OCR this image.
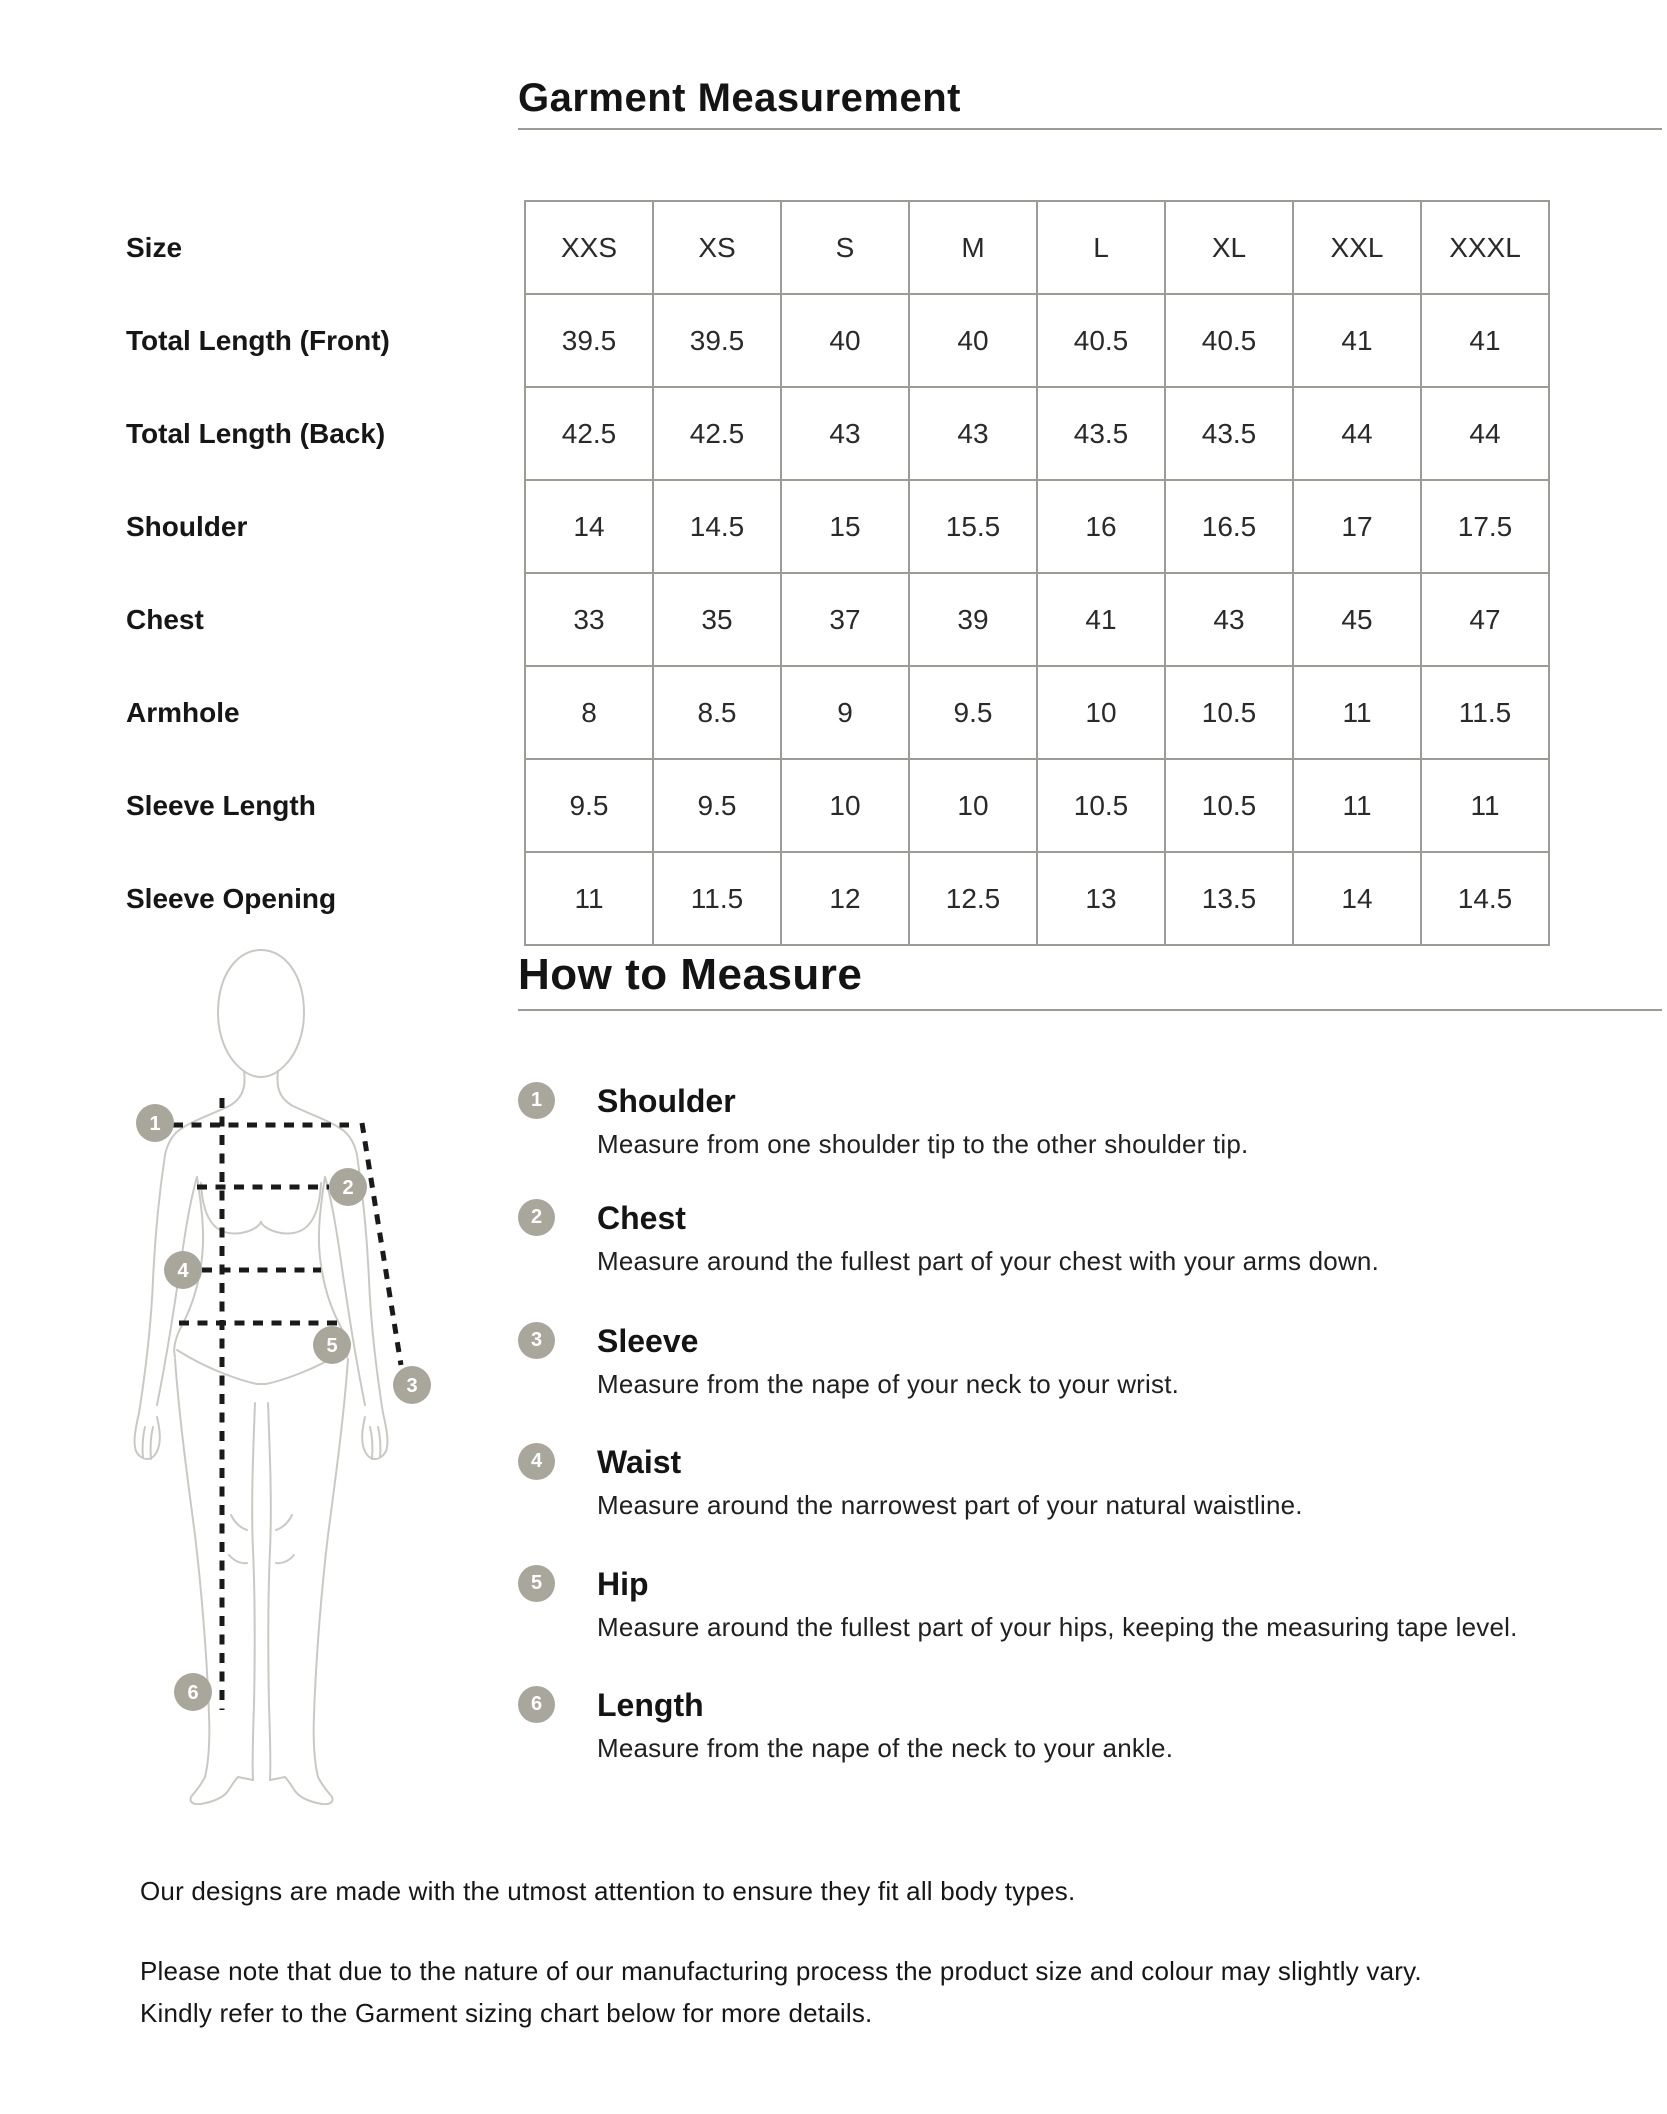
Garment Measurement
Size	XXS	XS	S	M	L	XL	XXL	XXXL
Total Length (Front)	39.5	39.5	40	40	40.5	40.5	41	41
Total Length (Back)	42.5	42.5	43	43	43.5	43.5	44	44
Shoulder	14	14.5	15	15.5	16	16.5	17	17.5
Chest	33	35	37	39	41	43	45	47
Armhole	8	8.5	9	9.5	10	10.5	11	11.5
Sleeve Length	9.5	9.5	10	10	10.5	10.5	11	11
Sleeve Opening	11	11.5	12	12.5	13	13.5	14	14.5
How to Measure
1
2
3
4
5
6
1	Shoulder
Measure from one shoulder tip to the other shoulder tip.
2	Chest
Measure around the fullest part of your chest with your arms down.
3	Sleeve
Measure from the nape of your neck to your wrist.
4	Waist
Measure around the narrowest part of your natural waistline.
5	Hip
Measure around the fullest part of your hips, keeping the measuring tape level.
6	Length
Measure from the nape of the neck to your ankle.

Our designs are made with the utmost attention to ensure they fit all body types.

Please note that due to the nature of our manufacturing process the product size and colour may slightly vary.

Kindly refer to the Garment sizing chart below for more details.
